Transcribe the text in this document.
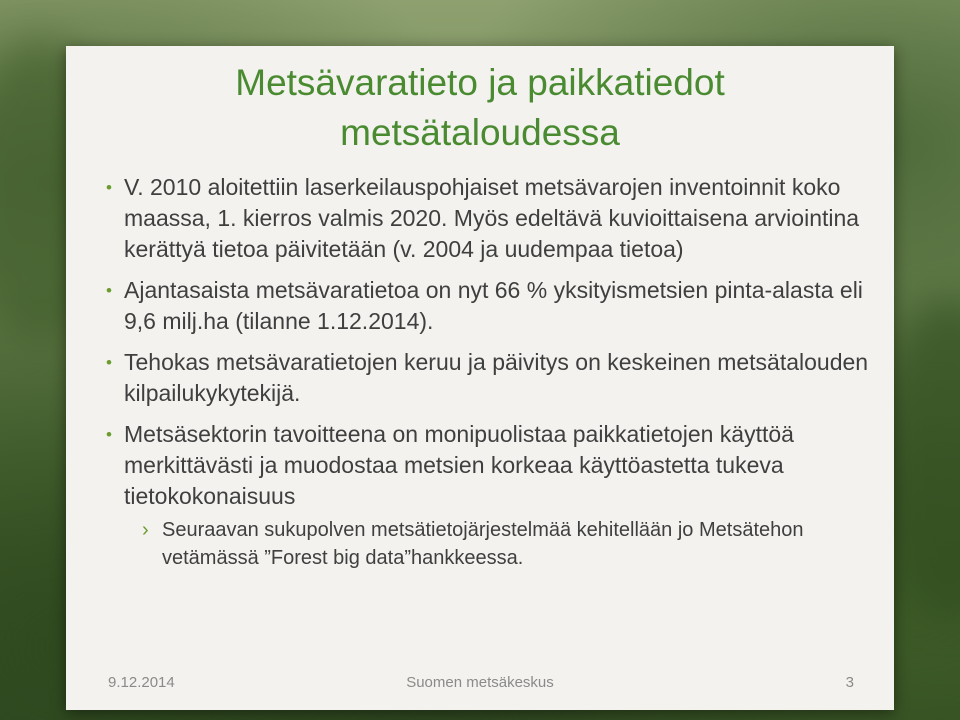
Metsävaratieto ja paikkatiedot
metsätaloudessa
• V. 2010 aloitettiin laserkeilauspohjaiset metsävarojen inventoinnit koko maassa, 1. kierros valmis 2020. Myös edeltävä kuvioittaisena arviointina kerättyä tietoa päivitetään (v. 2004 ja uudempaa tietoa)
• Ajantasaista metsävaratietoa on nyt 66 % yksityismetsien pinta-alasta eli 9,6 milj.ha (tilanne 1.12.2014).
• Tehokas metsävaratietojen keruu ja päivitys on keskeinen metsätalouden kilpailukykytekijä.
• Metsäsektorin tavoitteena on monipuolistaa paikkatietojen käyttöä merkittävästi ja muodostaa metsien korkeaa käyttöastetta tukeva tietokokonaisuus
› Seuraavan sukupolven metsätietojärjestelmää kehitellään jo Metsätehon vetämässä ”Forest big data”hankkeessa.
9.12.2014	Suomen metsäkeskus	3
